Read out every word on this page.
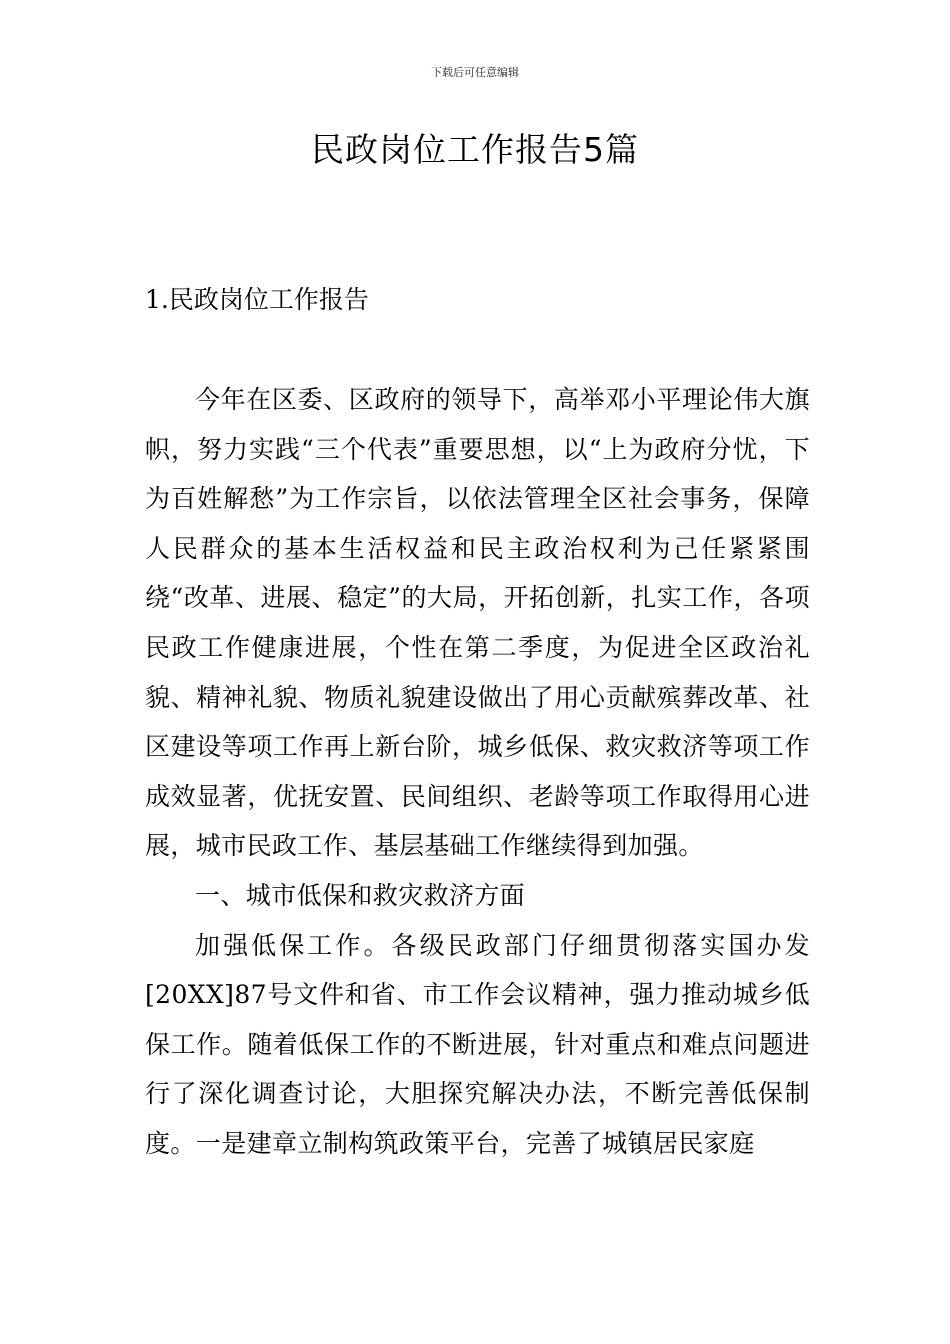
下载后可任意编辑
民政岗位工作报告5篇
1.民政岗位工作报告

今年在区委、区政府的领导下，高举邓小平理论伟大旗帜，努力实践“三个代表”重要思想，以“上为政府分忧，下为百姓解愁”为工作宗旨，以依法管理全区社会事务，保障人民群众的基本生活权益和民主政治权利为己任紧紧围绕“改革、进展、稳定”的大局，开拓创新，扎实工作，各项民政工作健康进展，个性在第二季度，为促进全区政治礼貌、精神礼貌、物质礼貌建设做出了用心贡献殡葬改革、社区建设等项工作再上新台阶，城乡低保、救灾救济等项工作成效显著，优抚安置、民间组织、老龄等项工作取得用心进展，城市民政工作、基层基础工作继续得到加强。

一、城市低保和救灾救济方面

加强低保工作。各级民政部门仔细贯彻落实国办发[20XX]87号文件和省、市工作会议精神，强力推动城乡低保工作。随着低保工作的不断进展，针对重点和难点问题进行了深化调查讨论，大胆探究解决办法，不断完善低保制度。一是建章立制构筑政策平台，完善了城镇居民家庭
